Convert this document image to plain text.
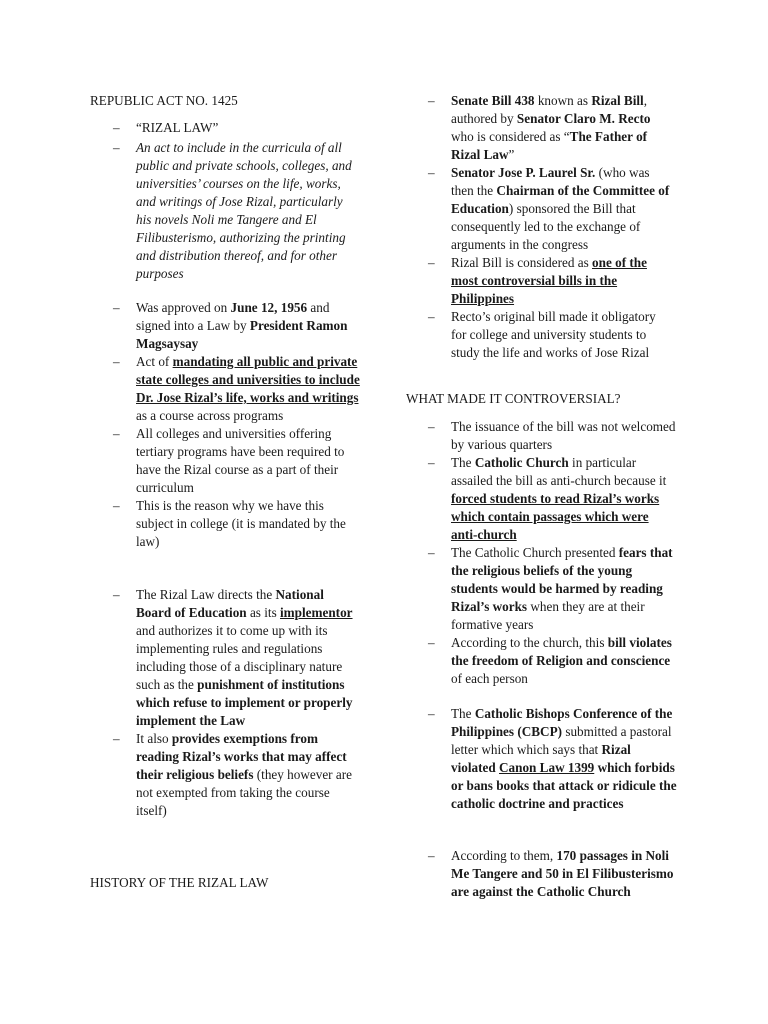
REPUBLIC ACT NO. 1425
– “RIZAL LAW”
– An act to include in the curricula of all public and private schools, colleges, and universities’ courses on the life, works, and writings of Jose Rizal, particularly his novels Noli me Tangere and El Filibusterismo, authorizing the printing and distribution thereof, and for other purposes
– Was approved on June 12, 1956 and signed into a Law by President Ramon Magsaysay
– Act of mandating all public and private state colleges and universities to include Dr. Jose Rizal’s life, works and writings as a course across programs
– All colleges and universities offering tertiary programs have been required to have the Rizal course as a part of their curriculum
– This is the reason why we have this subject in college (it is mandated by the law)
– The Rizal Law directs the National Board of Education as its implementor and authorizes it to come up with its implementing rules and regulations including those of a disciplinary nature such as the punishment of institutions which refuse to implement or properly implement the Law
– It also provides exemptions from reading Rizal’s works that may affect their religious beliefs (they however are not exempted from taking the course itself)
HISTORY OF THE RIZAL LAW
– Senate Bill 438 known as Rizal Bill, authored by Senator Claro M. Recto who is considered as “The Father of Rizal Law”
– Senator Jose P. Laurel Sr. (who was then the Chairman of the Committee of Education) sponsored the Bill that consequently led to the exchange of arguments in the congress
– Rizal Bill is considered as one of the most controversial bills in the Philippines
– Recto’s original bill made it obligatory for college and university students to study the life and works of Jose Rizal
WHAT MADE IT CONTROVERSIAL?
– The issuance of the bill was not welcomed by various quarters
– The Catholic Church in particular assailed the bill as anti-church because it forced students to read Rizal’s works which contain passages which were anti-church
– The Catholic Church presented fears that the religious beliefs of the young students would be harmed by reading Rizal’s works when they are at their formative years
– According to the church, this bill violates the freedom of Religion and conscience of each person
– The Catholic Bishops Conference of the Philippines (CBCP) submitted a pastoral letter which which says that Rizal violated Canon Law 1399 which forbids or bans books that attack or ridicule the catholic doctrine and practices
– According to them, 170 passages in Noli Me Tangere and 50 in El Filibusterismo are against the Catholic Church
